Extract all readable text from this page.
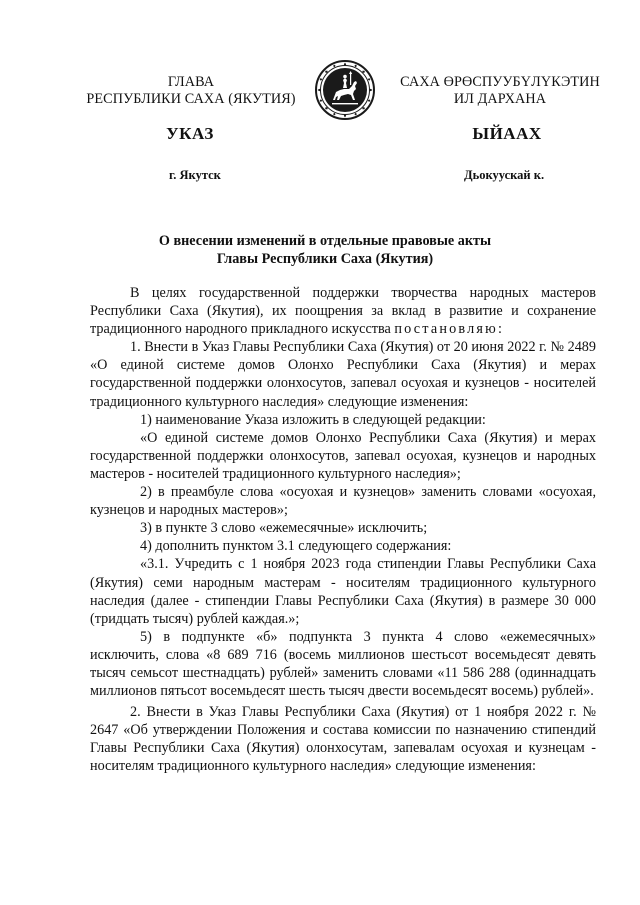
ГЛАВА
РЕСПУБЛИКИ САХА (ЯКУТИЯ)
САХА ӨРӨСПУУБҮЛҮКЭТИН
ИЛ ДАРХАНА
УКАЗ	ЫЙААХ
г. Якутск	Дьокуускай к.
О внесении изменений в отдельные правовые акты
Главы Республики Саха (Якутия)

В целях государственной поддержки творчества народных мастеров Республики Саха (Якутия), их поощрения за вклад в развитие и сохранение традиционного народного прикладного искусства постановляю:

1. Внести в Указ Главы Республики Саха (Якутия) от 20 июня 2022 г. № 2489 «О единой системе домов Олонхо Республики Саха (Якутия) и мерах государственной поддержки олонхосутов, запевал осуохая и кузнецов - носителей традиционного культурного наследия» следующие изменения:

1) наименование Указа изложить в следующей редакции:

«О единой системе домов Олонхо Республики Саха (Якутия) и мерах государственной поддержки олонхосутов, запевал осуохая, кузнецов и народных мастеров - носителей традиционного культурного наследия»;

2) в преамбуле слова «осуохая и кузнецов» заменить словами «осуохая, кузнецов и народных мастеров»;

3) в пункте 3 слово «ежемесячные» исключить;

4) дополнить пунктом 3.1 следующего содержания:

«3.1. Учредить с 1 ноября 2023 года стипендии Главы Республики Саха (Якутия) семи народным мастерам - носителям традиционного культурного наследия (далее - стипендии Главы Республики Саха (Якутия) в размере 30 000 (тридцать тысяч) рублей каждая.»;

5) в подпункте «б» подпункта 3 пункта 4 слово «ежемесячных» исключить, слова «8 689 716 (восемь миллионов шестьсот восемьдесят девять тысяч семьсот шестнадцать) рублей» заменить словами «11 586 288 (одиннадцать миллионов пятьсот восемьдесят шесть тысяч двести восемьдесят восемь) рублей».

2. Внести в Указ Главы Республики Саха (Якутия) от 1 ноября 2022 г. № 2647 «Об утверждении Положения и состава комиссии по назначению стипендий Главы Республики Саха (Якутия) олонхосутам, запевалам осуохая и кузнецам - носителям традиционного культурного наследия» следующие изменения:
